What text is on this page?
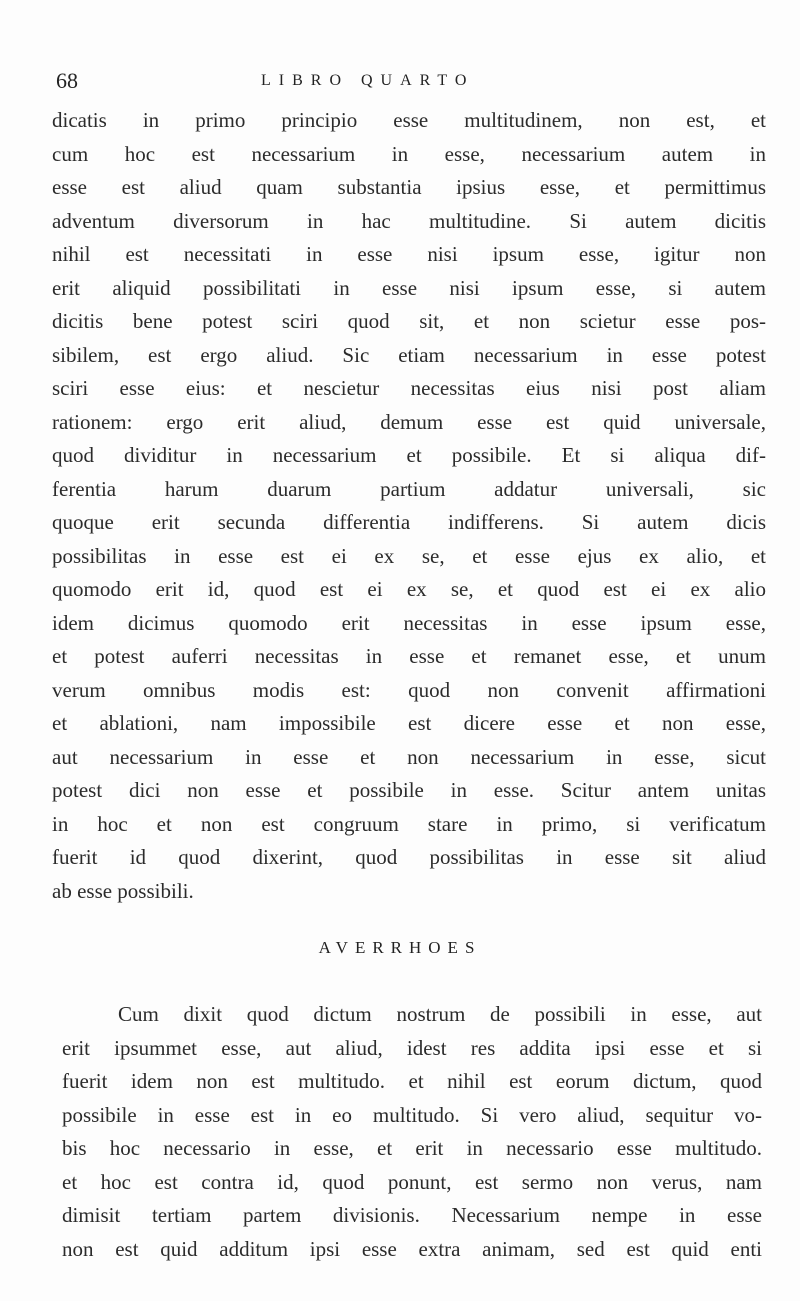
68	LIBRO QUARTO
dicatis in primo principio esse multitudinem, non est, et
cum hoc est necessarium in esse, necessarium autem in
esse est aliud quam substantia ipsius esse, et permittimus
adventum diversorum in hac multitudine. Si autem dicitis
nihil est necessitati in esse nisi ipsum esse, igitur non
erit aliquid possibilitati in esse nisi ipsum esse, si autem
dicitis bene potest sciri quod sit, et non scietur esse pos-
sibilem, est ergo aliud. Sic etiam necessarium in esse potest
sciri esse eius: et nescietur necessitas eius nisi post aliam
rationem: ergo erit aliud, demum esse est quid universale,
quod dividitur in necessarium et possibile. Et si aliqua dif-
ferentia harum duarum partium addatur universali, sic
quoque erit secunda differentia indifferens. Si autem dicis
possibilitas in esse est ei ex se, et esse ejus ex alio, et
quomodo erit id, quod est ei ex se, et quod est ei ex alio
idem dicimus quomodo erit necessitas in esse ipsum esse,
et potest auferri necessitas in esse et remanet esse, et unum
verum omnibus modis est: quod non convenit affirmationi
et ablationi, nam impossibile est dicere esse et non esse,
aut necessarium in esse et non necessarium in esse, sicut
potest dici non esse et possibile in esse. Scitur antem unitas
in hoc et non est congruum stare in primo, si verificatum
fuerit id quod dixerint, quod possibilitas in esse sit aliud
ab esse possibili.
AVERRHOES
Cum dixit quod dictum nostrum de possibili in esse, aut
erit ipsummet esse, aut aliud, idest res addita ipsi esse et si
fuerit idem non est multitudo. et nihil est eorum dictum, quod
possibile in esse est in eo multitudo. Si vero aliud, sequitur vo-
bis hoc necessario in esse, et erit in necessario esse multitudo.
et hoc est contra id, quod ponunt, est sermo non verus, nam
dimisit tertiam partem divisionis. Necessarium nempe in esse
non est quid additum ipsi esse extra animam, sed est quid enti
